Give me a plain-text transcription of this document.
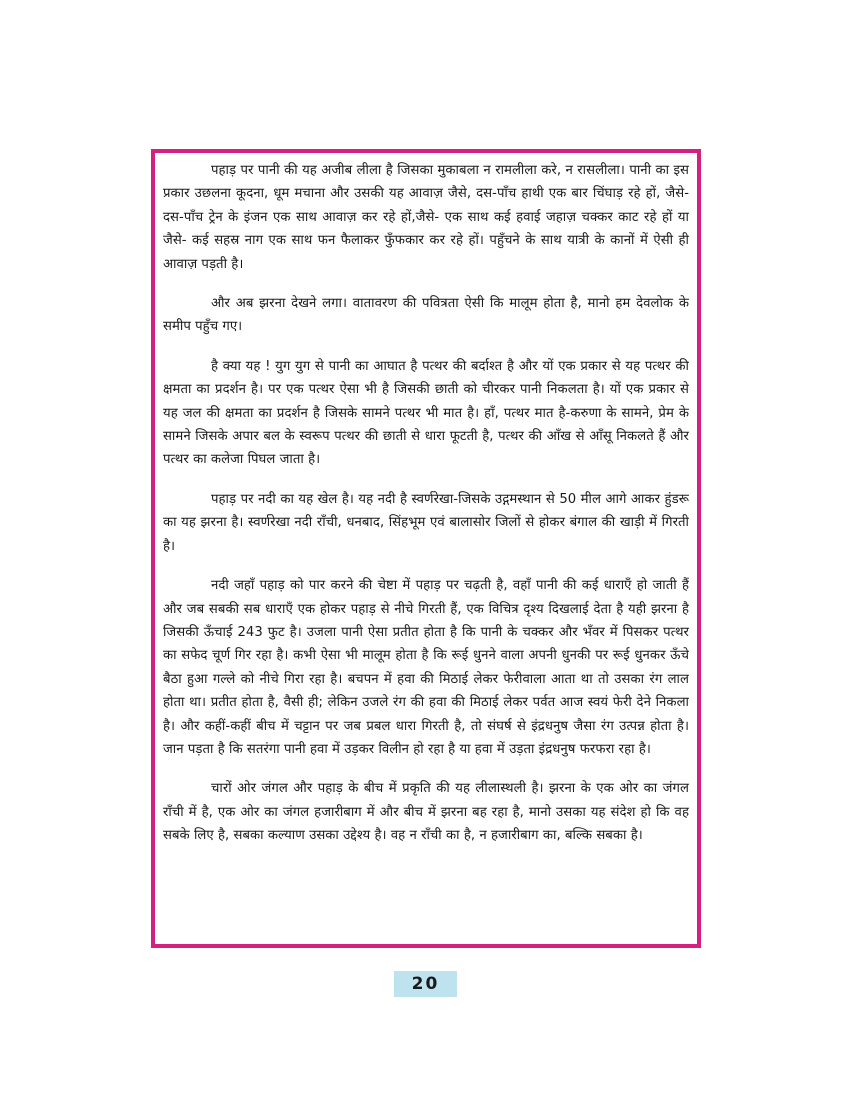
पहाड़ पर पानी की यह अजीब लीला है जिसका मुकाबला न रामलीला करे, न रासलीला। पानी का इस प्रकार उछलना कूदना, धूम मचाना और उसकी यह आवाज़ जैसे, दस-पाँच हाथी एक बार चिंघाड़ रहे हों, जैसे- दस-पाँच ट्रेन के इंजन एक साथ आवाज़ कर रहे हों,जैसे- एक साथ कई हवाई जहाज़ चक्कर काट रहे हों या जैसे- कई सहस्र नाग एक साथ फन फैलाकर फुँफकार कर रहे हों। पहुँचने के साथ यात्री के कानों में ऐसी ही आवाज़ पड़ती है।

और अब झरना देखने लगा। वातावरण की पवित्रता ऐसी कि मालूम होता है, मानो हम देवलोक के समीप पहुँच गए।

है क्या यह ! युग युग से पानी का आघात है पत्थर की बर्दाश्त है और यों एक प्रकार से यह पत्थर की क्षमता का प्रदर्शन है। पर एक पत्थर ऐसा भी है जिसकी छाती को चीरकर पानी निकलता है। यों एक प्रकार से यह जल की क्षमता का प्रदर्शन है जिसके सामने पत्थर भी मात है। हाँ, पत्थर मात है-करुणा के सामने, प्रेम के सामने जिसके अपार बल के स्वरूप पत्थर की छाती से धारा फूटती है, पत्थर की आँख से आँसू निकलते हैं और पत्थर का कलेजा पिघल जाता है।

पहाड़ पर नदी का यह खेल है। यह नदी है स्वर्णरेखा-जिसके उद्गमस्थान से 50 मील आगे आकर हुंडरू का यह झरना है। स्वर्णरेखा नदी राँची, धनबाद, सिंहभूम एवं बालासोर जिलों से होकर बंगाल की खाड़ी में गिरती है।

नदी जहाँ पहाड़ को पार करने की चेष्टा में पहाड़ पर चढ़ती है, वहाँ पानी की कई धाराएँ हो जाती हैं और जब सबकी सब धाराएँ एक होकर पहाड़ से नीचे गिरती हैं, एक विचित्र दृश्य दिखलाई देता है यही झरना है जिसकी ऊँचाई 243 फुट है। उजला पानी ऐसा प्रतीत होता है कि पानी के चक्कर और भँवर में पिसकर पत्थर का सफेद चूर्ण गिर रहा है। कभी ऐसा भी मालूम होता है कि रूई धुनने वाला अपनी धुनकी पर रूई धुनकर ऊँचे बैठा हुआ गल्ले को नीचे गिरा रहा है। बचपन में हवा की मिठाई लेकर फेरीवाला आता था तो उसका रंग लाल होता था। प्रतीत होता है, वैसी ही; लेकिन उजले रंग की हवा की मिठाई लेकर पर्वत आज स्वयं फेरी देने निकला है। और कहीं-कहीं बीच में चट्टान पर जब प्रबल धारा गिरती है, तो संघर्ष से इंद्रधनुष जैसा रंग उत्पन्न होता है। जान पड़ता है कि सतरंगा पानी हवा में उड़कर विलीन हो रहा है या हवा में उड़ता इंद्रधनुष फरफरा रहा है।

चारों ओर जंगल और पहाड़ के बीच में प्रकृति की यह लीलास्थली है। झरना के एक ओर का जंगल राँची में है, एक ओर का जंगल हजारीबाग में और बीच में झरना बह रहा है, मानो उसका यह संदेश हो कि वह सबके लिए है, सबका कल्याण उसका उद्देश्य है। वह न राँची का है, न हजारीबाग का, बल्कि सबका है।

20
